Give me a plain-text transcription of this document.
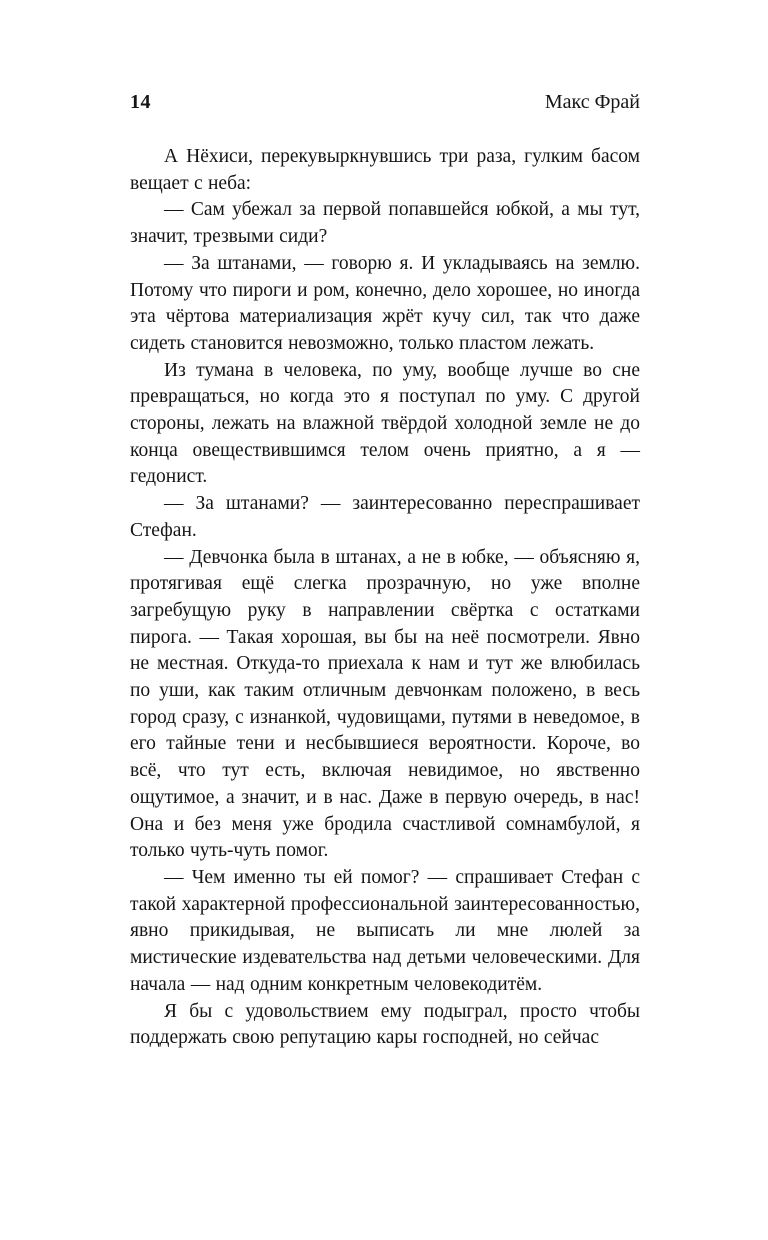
14	Макс Фрай

А Нёхиси, перекувыркнувшись три раза, гулким басом вещает с неба:

— Сам убежал за первой попавшейся юбкой, а мы тут, значит, трезвыми сиди?

— За штанами, — говорю я. И укладываясь на землю. Потому что пироги и ром, конечно, дело хорошее, но иногда эта чёртова материализация жрёт кучу сил, так что даже сидеть становится невозможно, только пластом лежать.

Из тумана в человека, по уму, вообще лучше во сне превращаться, но когда это я поступал по уму. С другой стороны, лежать на влажной твёрдой холодной земле не до конца овеществившимся телом очень приятно, а я — гедонист.

— За штанами? — заинтересованно переспрашивает Стефан.

— Девчонка была в штанах, а не в юбке, — объясняю я, протягивая ещё слегка прозрачную, но уже вполне загребущую руку в направлении свёртка с остатками пирога. — Такая хорошая, вы бы на неё посмотрели. Явно не местная. Откуда-то приехала к нам и тут же влюбилась по уши, как таким отличным девчонкам положено, в весь город сразу, с изнанкой, чудовищами, путями в неведомое, в его тайные тени и несбывшиеся вероятности. Короче, во всё, что тут есть, включая невидимое, но явственно ощутимое, а значит, и в нас. Даже в первую очередь, в нас! Она и без меня уже бродила счастливой сомнамбулой, я только чуть-чуть помог.

— Чем именно ты ей помог? — спрашивает Стефан с такой характерной профессиональной заинтересованностью, явно прикидывая, не выписать ли мне люлей за мистические издевательства над детьми человеческими. Для начала — над одним конкретным человекодитём.

Я бы с удовольствием ему подыграл, просто чтобы поддержать свою репутацию кары господней, но сейчас
